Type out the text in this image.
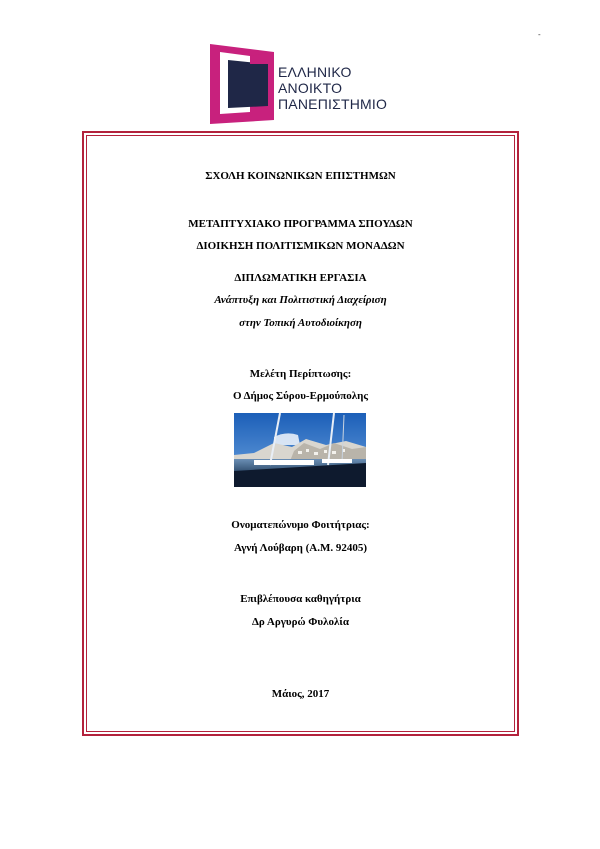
-
ΕΛΛΗΝΙΚΟ
ΑΝΟΙΚΤΟ
ΠΑΝΕΠΙΣΤΗΜΙΟ
ΣΧΟΛΗ ΚΟΙΝΩΝΙΚΩΝ ΕΠΙΣΤΗΜΩΝ
ΜΕΤΑΠΤΥΧΙΑΚΟ ΠΡΟΓΡΑΜΜΑ ΣΠΟΥΔΩΝ
ΔΙΟΙΚΗΣΗ ΠΟΛΙΤΙΣΜΙΚΩΝ ΜΟΝΑΔΩΝ
ΔΙΠΛΩΜΑΤΙΚΗ ΕΡΓΑΣΙΑ
Ανάπτυξη και Πολιτιστική Διαχείριση
στην Τοπική Αυτοδιοίκηση
Μελέτη Περίπτωσης:
Ο Δήμος Σύρου-Ερμούπολης
Ονοματεπώνυμο Φοιτήτριας:
Αγνή Λούβαρη (Α.Μ. 92405)
Επιβλέπουσα καθηγήτρια
Δρ Αργυρώ Φυλολία
Μάιος, 2017
